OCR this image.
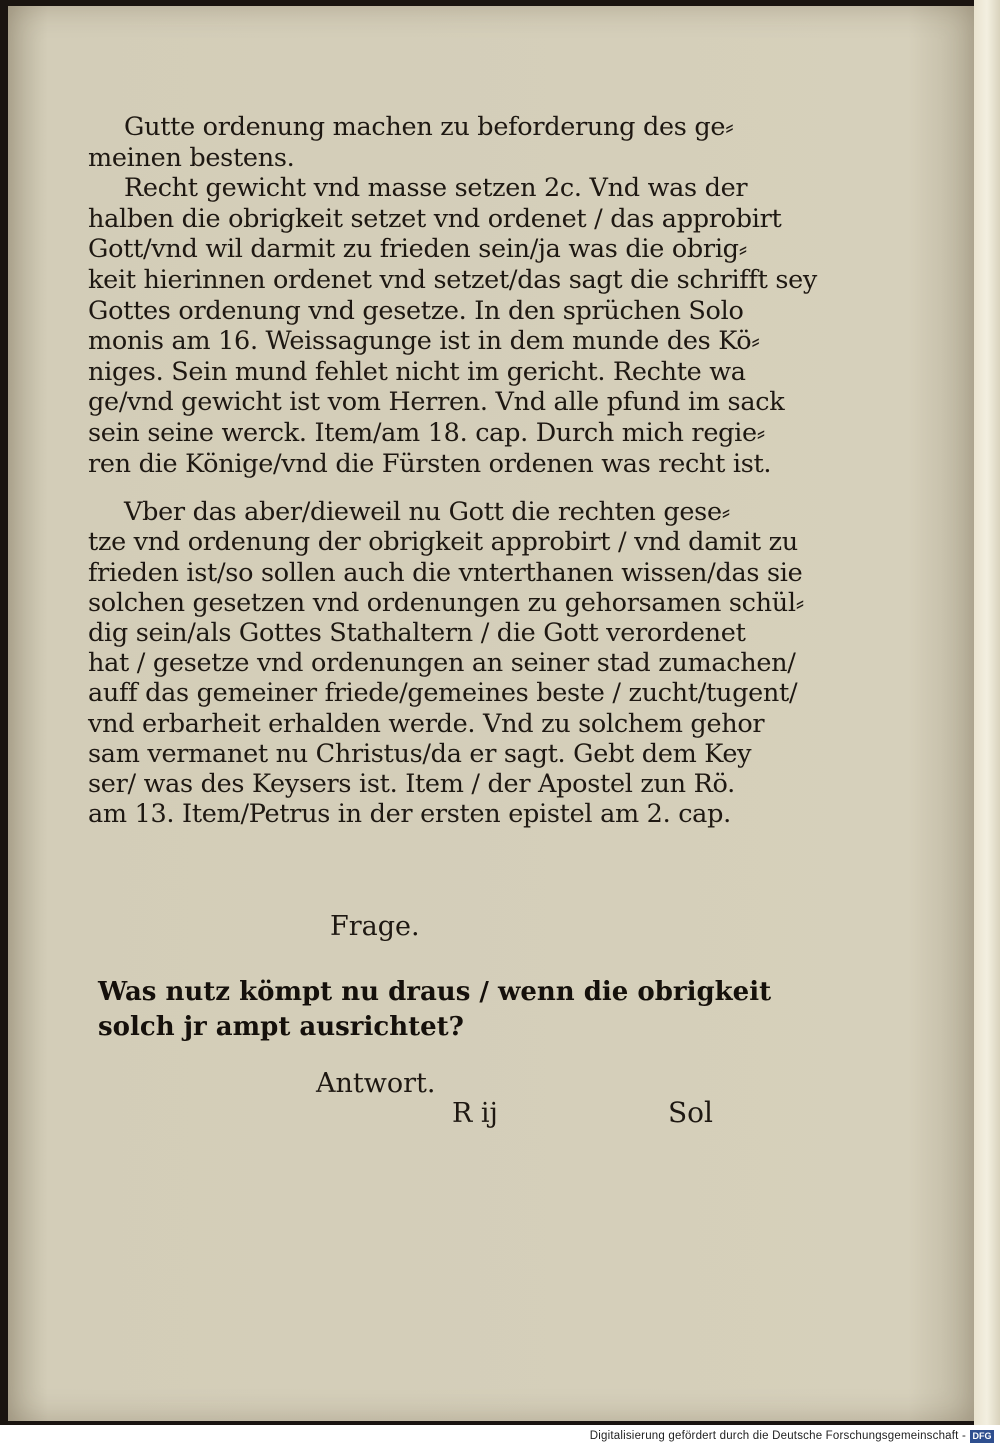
Gutte ordenung machen zu beforderung des ge⸗
meinen bestens.
Recht gewicht vnd masse setzen 2c. Vnd was der
halben die obrigkeit setzet vnd ordenet / das approbirt
Gott/vnd wil darmit zu frieden sein/ja was die obrig⸗
keit hierinnen ordenet vnd setzet/das sagt die schrifft sey
Gottes ordenung vnd gesetze. In den sprüchen Solo
monis am 16. Weissagunge ist in dem munde des Kö⸗
niges. Sein mund fehlet nicht im gericht. Rechte wa
ge/vnd gewicht ist vom Herren. Vnd alle pfund im sack
sein seine werck. Item/am 18. cap. Durch mich regie⸗
ren die Könige/vnd die Fürsten ordenen was recht ist.

Vber das aber/dieweil nu Gott die rechten gese⸗
tze vnd ordenung der obrigkeit approbirt / vnd damit zu
frieden ist/so sollen auch die vnterthanen wissen/das sie
solchen gesetzen vnd ordenungen zu gehorsamen schül⸗
dig sein/als Gottes Stathaltern / die Gott verordenet
hat / gesetze vnd ordenungen an seiner stad zumachen/
auff das gemeiner friede/gemeines beste / zucht/tugent/
vnd erbarheit erhalden werde. Vnd zu solchem gehor
sam vermanet nu Christus/da er sagt. Gebt dem Key
ser/ was des Keysers ist. Item / der Apostel zun Rö.
am 13. Item/Petrus in der ersten epistel am 2. cap.

Frage.
Was nutz kömpt nu draus / wenn die obrigkeit
solch jr ampt ausrichtet?
Antwort.
R ij	Sol
Digitalisierung gefördert durch die Deutsche Forschungsgemeinschaft - DFG
